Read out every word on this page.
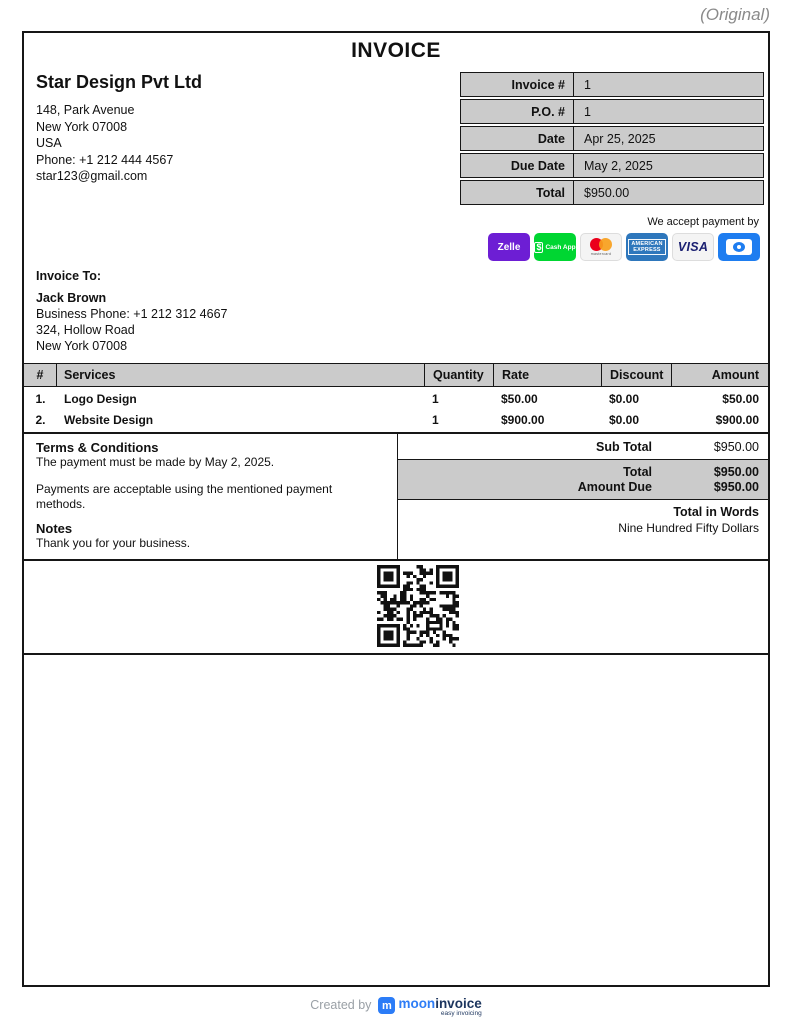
(Original)
INVOICE
Star Design Pvt Ltd
148, Park Avenue
New York 07008
USA
Phone: +1 212 444 4567
star123@gmail.com
Invoice #	1
P.O. #	1
Date	Apr 25, 2025
Due Date	May 2, 2025
Total	$950.00
We accept payment by
Zelle $ Cash App
mastercard
AMERICAN
EXPRESS VISA
Invoice To:
Jack Brown
Business Phone: +1 212 312 4667
324, Hollow Road
New York 07008
#	Services	Quantity	Rate	Discount	Amount
1.	Logo Design	1	$50.00	$0.00	$50.00
2.	Website Design	1	$900.00	$0.00	$900.00
Terms & Conditions
The payment must be made by May 2, 2025.
Payments are acceptable using the mentioned payment methods.
Notes
Thank you for your business.
Sub Total	$950.00
Total	$950.00
Amount Due	$950.00
Total in Words
Nine Hundred Fifty Dollars
Created by m mooninvoice
easy invoicing
